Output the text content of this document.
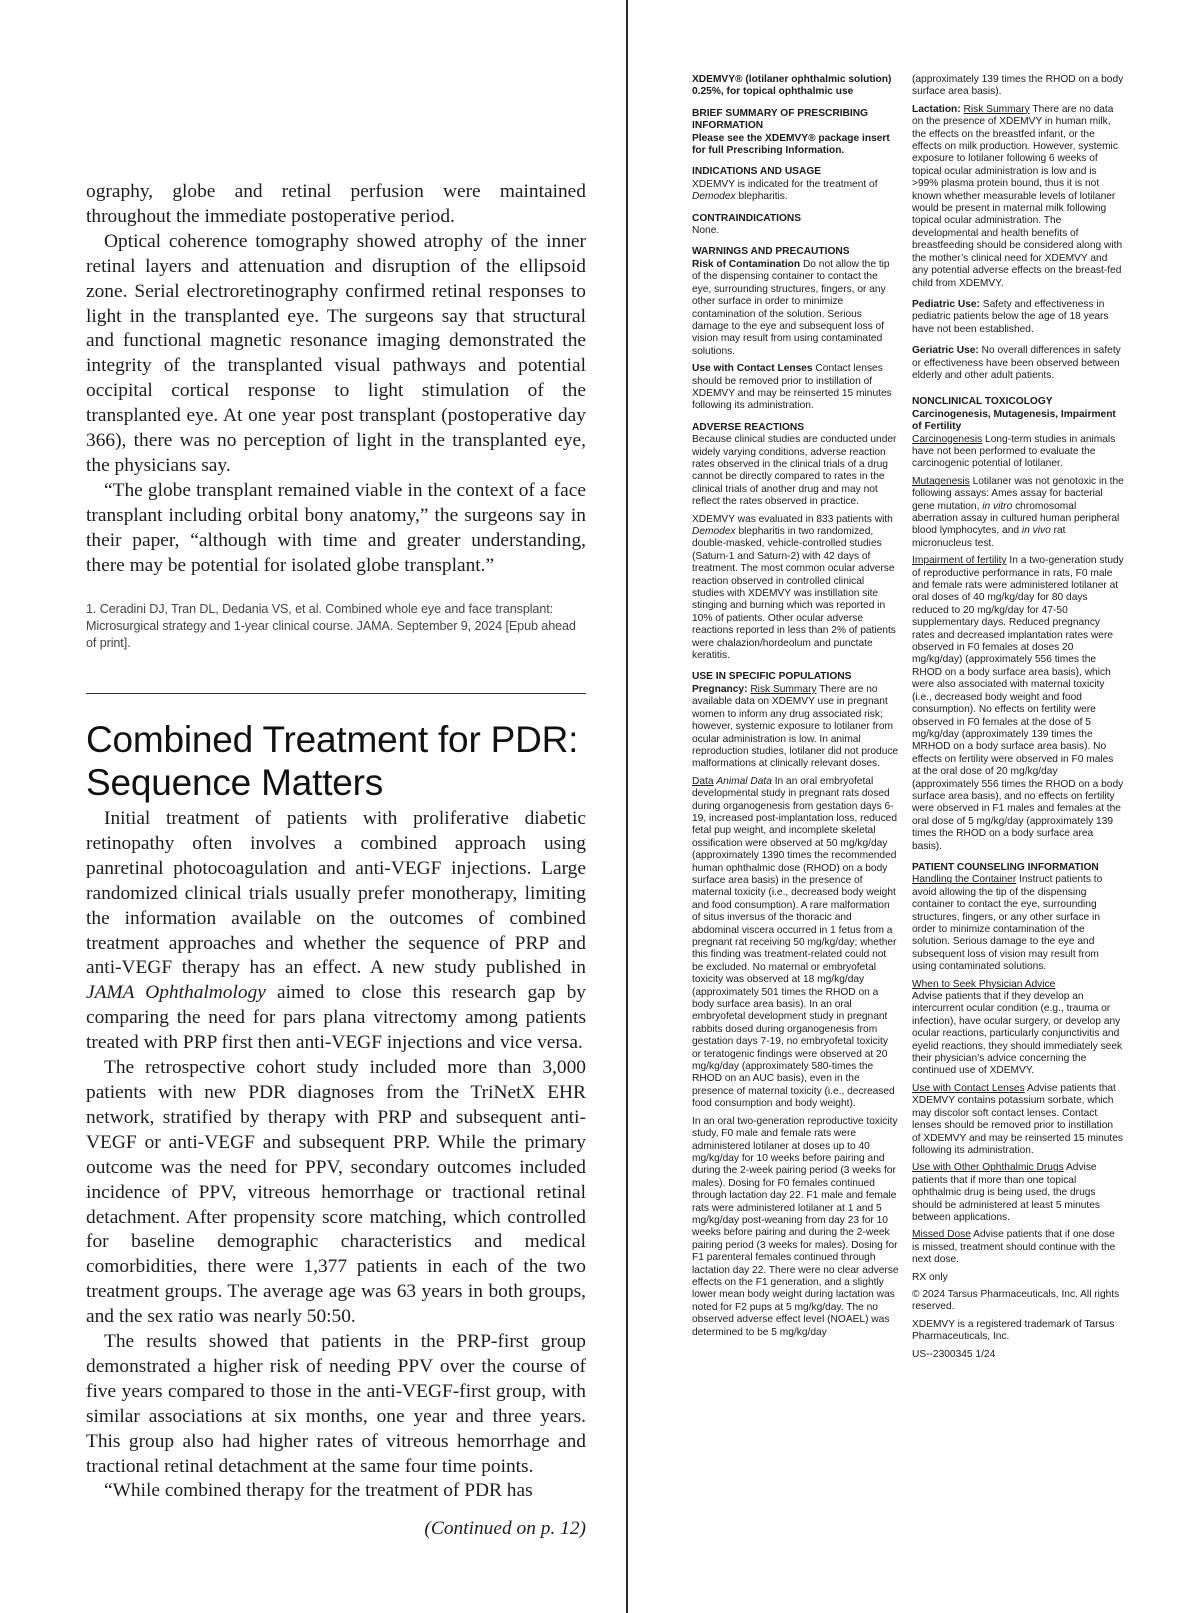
ography, globe and retinal perfusion were maintained throughout the immediate postoperative period.

Optical coherence tomography showed atrophy of the inner retinal layers and attenuation and disruption of the ellipsoid zone. Serial electroretinography confirmed retinal responses to light in the transplanted eye. The surgeons say that structural and functional magnetic resonance imaging demonstrated the integrity of the transplanted visual pathways and potential occipital cortical response to light stimulation of the transplanted eye. At one year post transplant (postoperative day 366), there was no perception of light in the transplanted eye, the physicians say.

“The globe transplant remained viable in the context of a face transplant including orbital bony anatomy,” the surgeons say in their paper, “although with time and greater understanding, there may be potential for isolated globe transplant.”

1. Ceradini DJ, Tran DL, Dedania VS, et al. Combined whole eye and face transplant: Microsurgical strategy and 1-year clinical course. JAMA. September 9, 2024 [Epub ahead of print].
Combined Treatment for PDR: Sequence Matters

Initial treatment of patients with proliferative diabetic retinopathy often involves a combined approach using panretinal photocoagulation and anti-VEGF injections. Large randomized clinical trials usually prefer monotherapy, limiting the information available on the outcomes of combined treatment approaches and whether the sequence of PRP and anti-VEGF therapy has an effect. A new study published in JAMA Ophthalmology aimed to close this research gap by comparing the need for pars plana vitrectomy among patients treated with PRP first then anti-VEGF injections and vice versa.

The retrospective cohort study included more than 3,000 patients with new PDR diagnoses from the TriNetX EHR network, stratified by therapy with PRP and subsequent anti-VEGF or anti-VEGF and subsequent PRP. While the primary outcome was the need for PPV, secondary outcomes included incidence of PPV, vitreous hemorrhage or tractional retinal detachment. After propensity score matching, which controlled for baseline demographic characteristics and medical comorbidities, there were 1,377 patients in each of the two treatment groups. The average age was 63 years in both groups, and the sex ratio was nearly 50:50.

The results showed that patients in the PRP-first group demonstrated a higher risk of needing PPV over the course of five years compared to those in the anti-VEGF-first group, with similar associations at six months, one year and three years. This group also had higher rates of vitreous hemorrhage and tractional retinal detachment at the same four time points.

“While combined therapy for the treatment of PDR has

(Continued on p. 12)

XDEMVY® (lotilaner ophthalmic solution) 0.25%, for topical ophthalmic use

BRIEF SUMMARY OF PRESCRIBING INFORMATION
Please see the XDEMVY® package insert for full Prescribing Information.

INDICATIONS AND USAGE
XDEMVY is indicated for the treatment of Demodex blepharitis.

CONTRAINDICATIONS
None.

WARNINGS AND PRECAUTIONS
Risk of Contamination Do not allow the tip of the dispensing container to contact the eye, surrounding structures, fingers, or any other surface in order to minimize contamination of the solution. Serious damage to the eye and subsequent loss of vision may result from using contaminated solutions.

Use with Contact Lenses Contact lenses should be removed prior to instillation of XDEMVY and may be reinserted 15 minutes following its administration.

ADVERSE REACTIONS
Because clinical studies are conducted under widely varying conditions, adverse reaction rates observed in the clinical trials of a drug cannot be directly compared to rates in the clinical trials of another drug and may not reflect the rates observed in practice.

XDEMVY was evaluated in 833 patients with Demodex blepharitis in two randomized, double-masked, vehicle-controlled studies (Saturn-1 and Saturn-2) with 42 days of treatment. The most common ocular adverse reaction observed in controlled clinical studies with XDEMVY was instillation site stinging and burning which was reported in 10% of patients. Other ocular adverse reactions reported in less than 2% of patients were chalazion/hordeolum and punctate keratitis.

USE IN SPECIFIC POPULATIONS
Pregnancy: Risk Summary There are no available data on XDEMVY use in pregnant women to inform any drug associated risk; however, systemic exposure to lotilaner from ocular administration is low. In animal reproduction studies, lotilaner did not produce malformations at clinically relevant doses.

Data Animal Data In an oral embryofetal developmental study in pregnant rats dosed during organogenesis from gestation days 6-19, increased post-implantation loss, reduced fetal pup weight, and incomplete skeletal ossification were observed at 50 mg/kg/day (approximately 1390 times the recommended human ophthalmic dose (RHOD) on a body surface area basis) in the presence of maternal toxicity (i.e., decreased body weight and food consumption). A rare malformation of situs inversus of the thoracic and abdominal viscera occurred in 1 fetus from a pregnant rat receiving 50 mg/kg/day; whether this finding was treatment-related could not be excluded. No maternal or embryofetal toxicity was observed at 18 mg/kg/day (approximately 501 times the RHOD on a body surface area basis). In an oral embryofetal development study in pregnant rabbits dosed during organogenesis from gestation days 7-19, no embryofetal toxicity or teratogenic findings were observed at 20 mg/kg/day (approximately 580-times the RHOD on an AUC basis), even in the presence of maternal toxicity (i.e., decreased food consumption and body weight).

In an oral two-generation reproductive toxicity study, F0 male and female rats were administered lotilaner at doses up to 40 mg/kg/day for 10 weeks before pairing and during the 2-week pairing period (3 weeks for males). Dosing for F0 females continued through lactation day 22. F1 male and female rats were administered lotilaner at 1 and 5 mg/kg/day post-weaning from day 23 for 10 weeks before pairing and during the 2-week pairing period (3 weeks for males). Dosing for F1 parenteral females continued through lactation day 22. There were no clear adverse effects on the F1 generation, and a slightly lower mean body weight during lactation was noted for F2 pups at 5 mg/kg/day. The no observed adverse effect level (NOAEL) was determined to be 5 mg/kg/day

(approximately 139 times the RHOD on a body surface area basis).

Lactation: Risk Summary There are no data on the presence of XDEMVY in human milk, the effects on the breastfed infant, or the effects on milk production. However, systemic exposure to lotilaner following 6 weeks of topical ocular administration is low and is >99% plasma protein bound, thus it is not known whether measurable levels of lotilaner would be present in maternal milk following topical ocular administration. The developmental and health benefits of breastfeeding should be considered along with the mother’s clinical need for XDEMVY and any potential adverse effects on the breast-fed child from XDEMVY.

Pediatric Use: Safety and effectiveness in pediatric patients below the age of 18 years have not been established.

Geriatric Use: No overall differences in safety or effectiveness have been observed between elderly and other adult patients.

NONCLINICAL TOXICOLOGY
Carcinogenesis, Mutagenesis, Impairment of Fertility
Carcinogenesis Long-term studies in animals have not been performed to evaluate the carcinogenic potential of lotilaner.

Mutagenesis Lotilaner was not genotoxic in the following assays: Ames assay for bacterial gene mutation, in vitro chromosomal aberration assay in cultured human peripheral blood lymphocytes, and in vivo rat micronucleus test.

Impairment of fertility In a two-generation study of reproductive performance in rats, F0 male and female rats were administered lotilaner at oral doses of 40 mg/kg/day for 80 days reduced to 20 mg/kg/day for 47-50 supplementary days. Reduced pregnancy rates and decreased implantation rates were observed in F0 females at doses 20 mg/kg/day) (approximately 556 times the RHOD on a body surface area basis), which were also associated with maternal toxicity (i.e., decreased body weight and food consumption). No effects on fertility were observed in F0 females at the dose of 5 mg/kg/day (approximately 139 times the MRHOD on a body surface area basis). No effects on fertility were observed in F0 males at the oral dose of 20 mg/kg/day (approximately 556 times the RHOD on a body surface area basis), and no effects on fertility were observed in F1 males and females at the oral dose of 5 mg/kg/day (approximately 139 times the RHOD on a body surface area basis).

PATIENT COUNSELING INFORMATION
Handling the Container Instruct patients to avoid allowing the tip of the dispensing container to contact the eye, surrounding structures, fingers, or any other surface in order to minimize contamination of the solution. Serious damage to the eye and subsequent loss of vision may result from using contaminated solutions.

When to Seek Physician Advice
Advise patients that if they develop an intercurrent ocular condition (e.g., trauma or infection), have ocular surgery, or develop any ocular reactions, particularly conjunctivitis and eyelid reactions, they should immediately seek their physician’s advice concerning the continued use of XDEMVY.

Use with Contact Lenses Advise patients that XDEMVY contains potassium sorbate, which may discolor soft contact lenses. Contact lenses should be removed prior to instillation of XDEMVY and may be reinserted 15 minutes following its administration.

Use with Other Ophthalmic Drugs Advise patients that if more than one topical ophthalmic drug is being used, the drugs should be administered at least 5 minutes between applications.

Missed Dose Advise patients that if one dose is missed, treatment should continue with the next dose.

RX only

© 2024 Tarsus Pharmaceuticals, Inc. All rights reserved.

XDEMVY is a registered trademark of Tarsus Pharmaceuticals, Inc.

US--2300345 1/24
